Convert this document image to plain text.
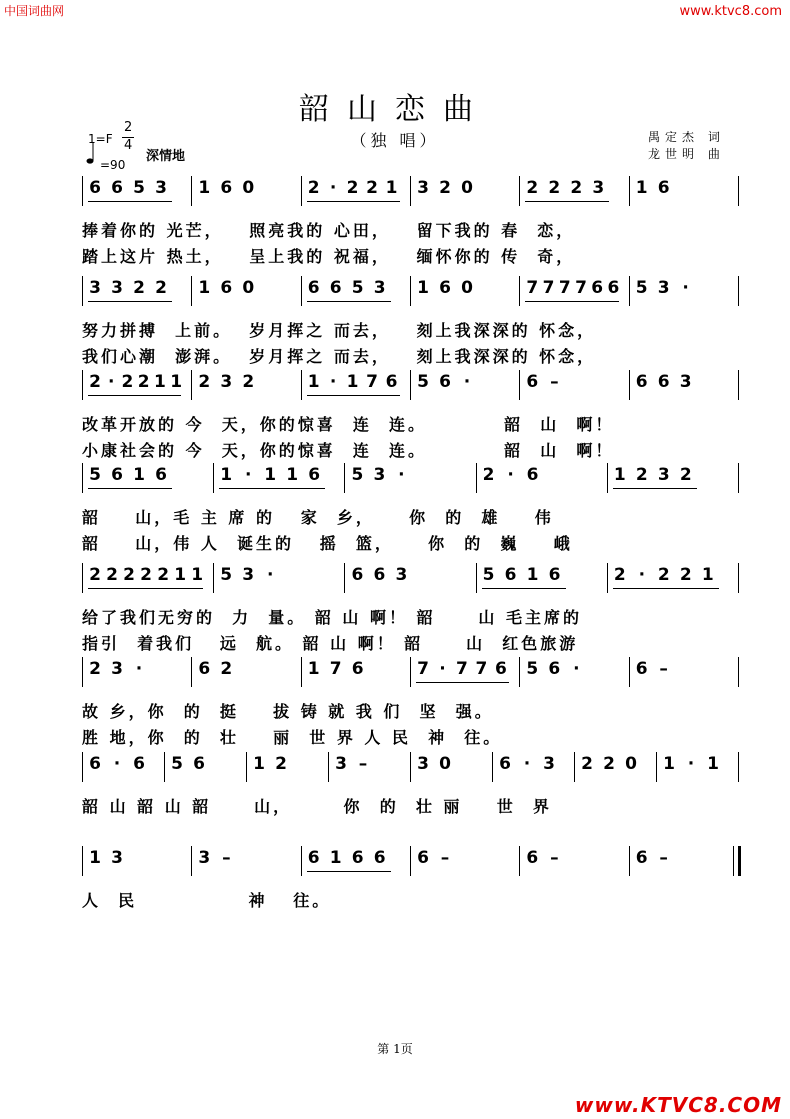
中国词曲网	www.ktvc8.com
韶山恋曲
（独 唱）	禺定杰 词
龙世明 曲
1=F
2
4

=90
深情地
6 6 5 3 1 6 0	2 · 2 2 1 3 2 0	2 2 2 3 1 6
捧着你的 光芒，   照亮我的 心田，   留下我的 春  恋，
踏上这片 热土，   呈上我的 祝福，   缅怀你的 传  奇，
3 3 2 2 1 6 0	6 6 5 3 1 6 0	7 7 7 7 6 6 5 3 ·
努力拼搏  上前。  岁月挥之 而去，   刻上我深深的 怀念，
我们心潮  澎湃。  岁月挥之 而去，   刻上我深深的 怀念，
2 · 2 2 1 1 2 3 2	1 · 1 7 6 5 6 ·	6 –	6 6 3
改革开放的 今  天，你的惊喜  连  连。         韶  山  啊！
小康社会的 今  天，你的惊喜  连  连。         韶  山  啊！
5 6 1 6	1 · 1 1 6 5 3 ·	2 · 6	1 2 3 2
韶    山，毛 主 席 的   家  乡，    你  的  雄    伟
韶    山，伟 人  诞生的   摇  篮，    你  的  巍    峨
2 2 2 2 2 1 1 5 3 ·	6 6 3	5 6 1 6	2 · 2 2 1
给了我们无穷的  力  量。 韶 山 啊！ 韶     山 毛主席的
指引  着我们   远  航。 韶 山 啊！ 韶     山  红色旅游
2 3 ·	6 2	1 7 6	7 · 7 7 6 5 6 ·	6 –
故 乡，你  的  挺    拔 铸 就 我 们  坚  强。
胜 地，你  的  壮    丽  世 界 人 民  神  往。
6 · 6 5 6	1 2	3 –	3 0	6 · 3 2 2 0 1 · 1
韶 山 韶 山 韶     山，      你  的  壮 丽    世  界
1 3	3 –	6 1 6 6 6 –	6 –	6 –
人  民             神   往。
第 1页
www.KTVC8.COM
